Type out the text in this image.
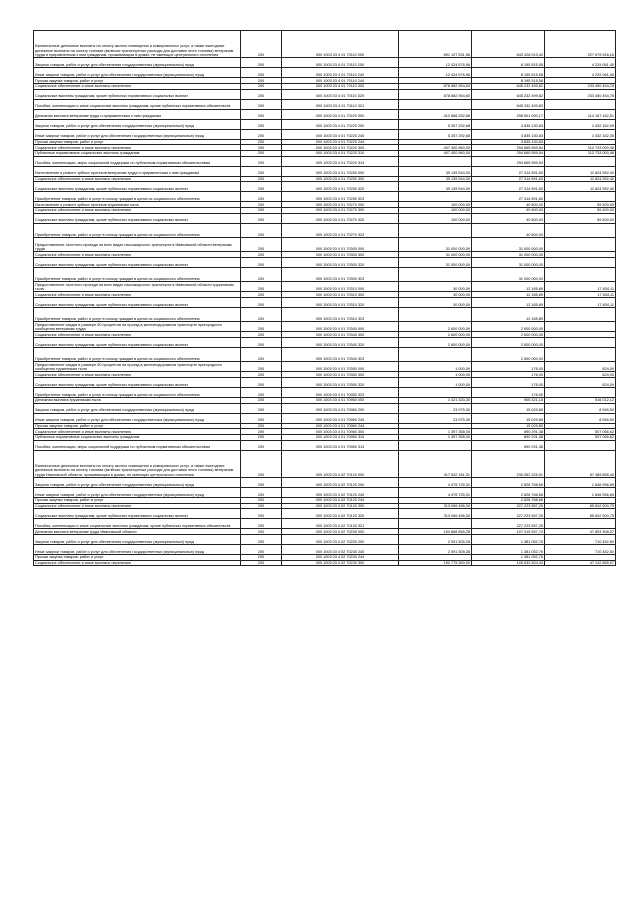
Ежемесячные денежные выплаты на оплату жилого помещения и коммунальных услуг, а также ежегодные денежные выплаты на оплату топлива (включая транспортные расходы для доставки этого топлива) ветеранам труда и приравненным к ним гражданам, проживающим в домах, не имеющих центрального отопления	200	000 1003 03 4 01 70110 000	891 107 531,56	643 428 013,40	227 679 518,16
Закупка товаров, работ и услуг для обеспечения государственных (муниципальных) нужд	200	000 1003 03 4 01 70110 200	12 424 576,96	8 195 515,58	4 229 061,40
Иные закупки товаров, работ и услуг для обеспечения государственных (муниципальных) нужд	200	000 1003 03 4 01 70110 240	12 424 576,96	8 195 515,58	4 229 061,40
Прочая закупка товаров, работ и услуг	200	000 1003 03 4 01 70110 244		8 195 515,58	
Социальное обеспечение и иные выплаты населению	200	000 1003 03 4 01 70110 300	878 682 954,60	645 232 499,82	233 450 454,78
Социальные выплаты гражданам, кроме публичных нормативных социальных выплат	200	000 1003 03 4 01 70110 320	878 682 954,60	645 232 499,82	233 450 454,78
Пособия, компенсации и иные социальные выплаты гражданам, кроме публичных нормативных обязательств	200	000 1003 03 4 01 70110 321		645 232 499,82	
Денежная выплата ветеранам труда и приравненным к ним гражданам	200	000 1003 03 4 01 70220 000	412 666 252,68	298 501 090,17	114 167 162,51
Закупка товаров, работ и услуг для обеспечения государственных (муниципальных) нужд	200	000 1003 03 4 01 70220 200	5 267 292,68	3 835 130,83	1 432 162,05
Иные закупки товаров, работ и услуг для обеспечения государственных (муниципальных) нужд	200	000 1003 03 4 01 70220 240	5 267 292,68	3 835 130,83	1 432 162,05
Прочая закупка товаров, работ и услуг	200	000 1003 03 4 01 70220 244		3 835 130,83	
Социальное обеспечение и иные выплаты населению	200	000 1003 03 4 01 70220 300	407 400 960,00	294 665 959,54	112 733 000,46
Публичные нормативные социальные выплаты гражданам	200	000 1003 03 4 01 70220 310	407 400 960,00	294 665 959,54	112 733 000,46
Пособия, компенсации, меры социальной поддержки по публичным нормативным обязательствам	200	000 1003 03 4 01 70220 313		294 665 959,54	
Изготовление и ремонт зубных протезов ветеранам труда и приравненным к ним гражданам	200	000 1003 03 4 01 70250 000	39 139 544,00	27 314 591,60	11 824 952,40
Социальное обеспечение и иные выплаты населению	200	000 1003 03 4 01 70250 300	39 139 544,00	27 314 591,60	11 824 952,40
Социальные выплаты гражданам, кроме публичных нормативных социальных выплат	200	000 1003 03 4 01 70250 320	39 139 544,00	27 314 591,60	11 824 952,40
Приобретение товаров, работ и услуг в пользу граждан в целях их социального обеспечения	200	000 1003 03 4 01 70250 323		27 314 591,60	
Изготовление и ремонт зубных протезов труженикам тыла	200	000 1003 03 4 01 70270 000	100 000,00	40 600,00	59 400,00
Социальное обеспечение и иные выплаты населению	200	000 1003 03 4 01 70270 300	100 000,00	40 600,00	59 400,00
Социальные выплаты гражданам, кроме публичных нормативных социальных выплат	200	000 1003 03 4 01 70270 320	100 000,00	40 600,00	59 400,00
Приобретение товаров, работ и услуг в пользу граждан в целях их социального обеспечения	200	000 1003 03 4 01 70270 323		40 600,00	
Предоставление льготного проезда на всех видах пассажирского транспорта в Ивановской области ветеранам труда	200	000 1003 03 4 01 70300 000	31 000 000,00	31 000 000,00	
Социальное обеспечение и иные выплаты населению	200	000 1003 03 4 01 70300 300	31 000 000,00	31 000 000,00	
Социальные выплаты гражданам, кроме публичных нормативных социальных выплат	200	000 1003 03 4 01 70300 320	31 000 000,00	31 000 000,00	
Приобретение товаров, работ и услуг в пользу граждан в целях их социального обеспечения	200	000 1003 03 4 01 70300 323		31 000 000,00	
Предоставление льготного проезда на всех видах пассажирского транспорта в Ивановской области труженикам тыла	200	000 1003 03 4 01 70310 000	30 000,00	12 165,89	17 834,11
Социальное обеспечение и иные выплаты населению	200	000 1003 03 4 01 70310 300	30 000,00	12 165,89	17 834,11
Социальные выплаты гражданам, кроме публичных нормативных социальных выплат	200	000 1003 03 4 01 70310 320	30 000,00	12 165,89	17 834,11
Приобретение товаров, работ и услуг в пользу граждан в целях их социального обеспечения	200	000 1003 03 4 01 70310 323		12 165,89	
Предоставление скидки в размере 50 процентов на проезд в железнодорожном транспорте пригородного сообщения ветеранам труда	200	000 1003 03 4 01 70340 000	2 600 000,00	2 600 000,00	
Социальное обеспечение и иные выплаты населению	200	000 1003 03 4 01 70340 300	2 600 000,00	2 600 000,00	
Социальные выплаты гражданам, кроме публичных нормативных социальных выплат	200	000 1003 03 4 01 70340 320	2 600 000,00	2 600 000,00	
Приобретение товаров, работ и услуг в пользу граждан в целях их социального обеспечения	200	000 1003 03 4 01 70340 323		2 600 000,00	
Предоставление скидки в размере 50 процентов на проезд в железнодорожном транспорте пригородного сообщения труженикам тыла	200	000 1003 03 4 01 70350 000	1 000,00	176,00	824,00
Социальное обеспечение и иные выплаты населению	200	000 1003 03 4 01 70350 300	1 000,00	176,00	824,00
Социальные выплаты гражданам, кроме публичных нормативных социальных выплат	200	000 1003 03 4 01 70350 320	1 000,00	176,00	824,00
Приобретение товаров, работ и услуг в пользу граждан в целях их социального обеспечения	200	000 1003 03 4 01 70350 323		176,00	
Денежная выплата труженикам тыла	200	000 1003 03 4 01 70960 000	1 421 333,30	905 321,18	516 012,12
Закупка товаров, работ и услуг для обеспечения государственных (муниципальных) нужд	200	000 1003 03 4 01 70960 200	23 975,30	15 029,80	8 945,50
Иные закупки товаров, работ и услуг для обеспечения государственных (муниципальных) нужд	200	000 1003 03 4 01 70960 240	23 975,30	15 029,80	8 945,50
Прочая закупка товаров, работ и услуг	200	000 1003 03 4 01 70960 244		15 029,80	
Социальное обеспечение и иные выплаты населению	200	000 1003 03 4 01 70960 300	1 397 358,00	890 291,38	507 066,62
Публичные нормативные социальные выплаты гражданам	200	000 1003 03 4 01 70960 310	1 397 358,00	890 291,38	507 066,62
Пособия, компенсации, меры социальной поддержки по публичным нормативным обязательствам	200	000 1003 03 4 01 70960 313		890 291,38	
Ежемесячные денежные выплаты на оплату жилого помещения и коммунальных услуг, а также ежегодные денежные выплаты на оплату топлива (включая транспортные расходы для доставки этого топлива) ветеранам труда Ивановской области, проживающим в домах, не имеющих центрального отопления	200	000 1003 03 4 02 70120 000	317 542 181,31	230 052 325,91	87 489 855,40
Закупка товаров, работ и услуг для обеспечения государственных (муниципальных) нужд	200	000 1003 03 4 02 70120 200	4 475 725,31	2 828 768,66	1 646 956,65
Иные закупки товаров, работ и услуг для обеспечения государственных (муниципальных) нужд	200	000 1003 03 4 02 70120 240	4 475 725,31	2 828 768,66	1 646 956,65
Прочая закупка товаров, работ и услуг	200	000 1003 03 4 02 70120 244		2 828 768,66	
Социальное обеспечение и иные выплаты населению	200	000 1003 03 4 02 70120 300	313 066 456,00	227 223 557,25	85 842 900,75
Социальные выплаты гражданам, кроме публичных нормативных социальных выплат	200	000 1003 03 4 02 70120 320	313 066 456,00	227 223 557,25	85 842 900,75
Пособия, компенсации и иные социальные выплаты гражданам, кроме публичных нормативных обязательств	200	000 1003 03 4 02 70120 321		227 223 557,25	
Денежная выплата ветеранам труда Ивановской области	200	000 1003 03 4 02 70230 000	154 868 865,28	107 015 557,74	47 853 308,07
Закупка товаров, работ и услуг для обеспечения государственных (муниципальных) нужд	200	000 1003 03 4 02 70230 200	2 091 505,28	1 381 052,76	710 452,50
Иные закупки товаров, работ и услуг для обеспечения государственных (муниципальных) нужд	200	000 1003 03 4 02 70230 240	2 091 505,28	1 381 052,76	710 452,50
Прочая закупка товаров, работ и услуг	200	000 1003 03 4 02 70230 244		1 381 052,76	
Социальное обеспечение и иные выплаты населению	200	000 1003 03 4 02 70230 300	152 775 360,00	105 632 504,43	47 142 855,57
